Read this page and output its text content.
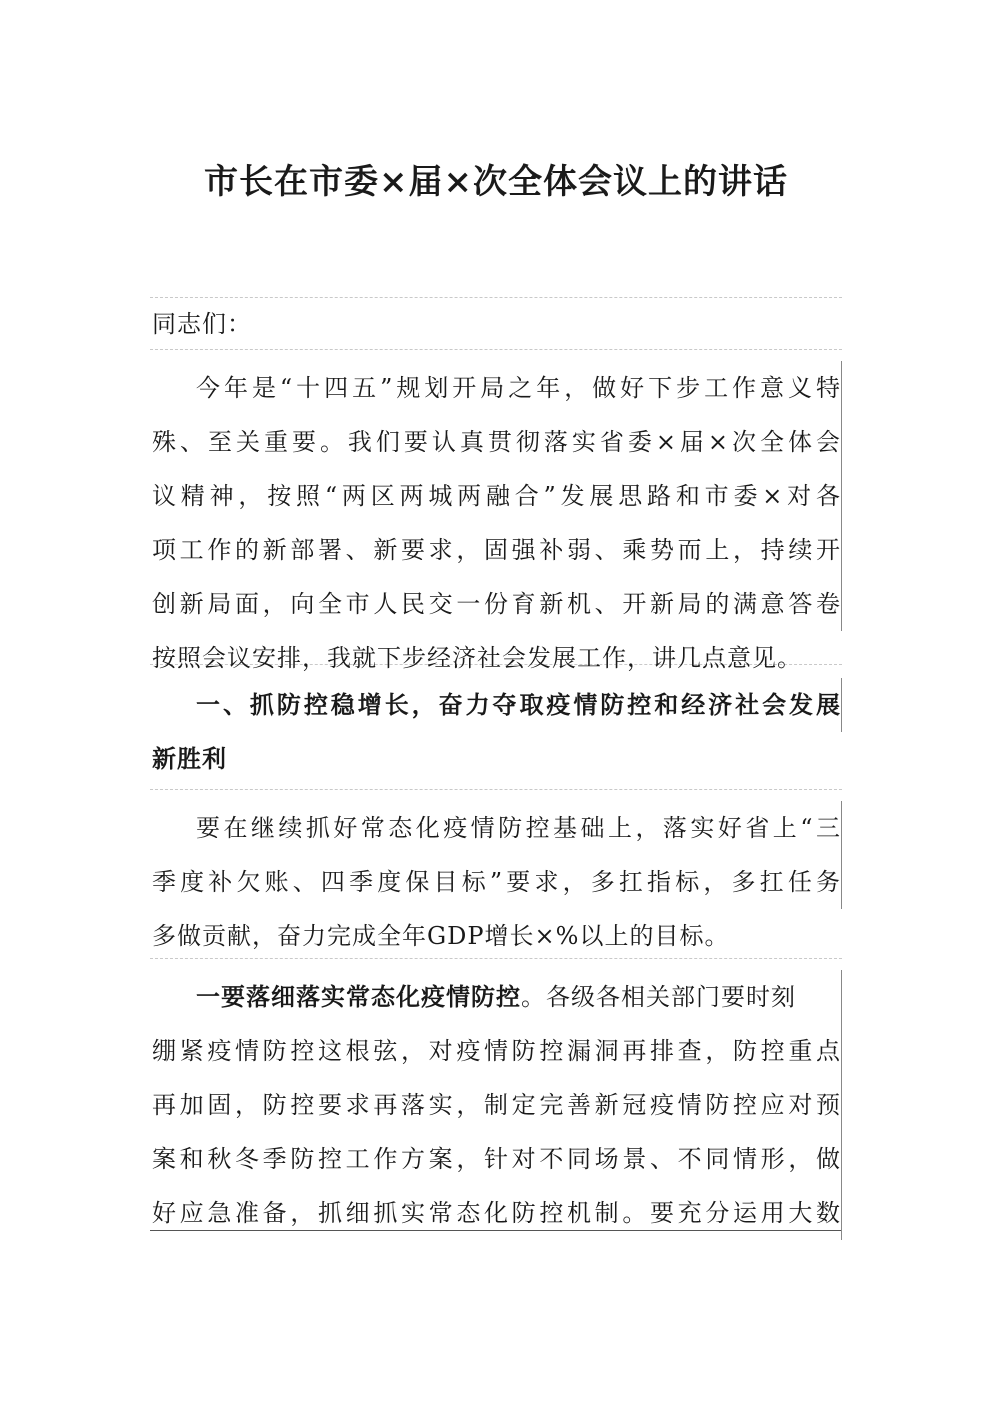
市长在市委×届×次全体会议上的讲话
同志们：
今年是“十四五”规划开局之年，做好下步工作意义特
殊、至关重要。我们要认真贯彻落实省委×届×次全体会
议精神，按照“两区两城两融合”发展思路和市委×对各
项工作的新部署、新要求，固强补弱、乘势而上，持续开
创新局面，向全市人民交一份育新机、开新局的满意答卷
按照会议安排，我就下步经济社会发展工作，讲几点意见。
一、抓防控稳增长，奋力夺取疫情防控和经济社会发展
新胜利
要在继续抓好常态化疫情防控基础上，落实好省上“三
季度补欠账、四季度保目标”要求，多扛指标，多扛任务
多做贡献，奋力完成全年GDP增长×%以上的目标。
一要落细落实常态化疫情防控。各级各相关部门要时刻
绷紧疫情防控这根弦，对疫情防控漏洞再排查，防控重点
再加固，防控要求再落实，制定完善新冠疫情防控应对预
案和秋冬季防控工作方案，针对不同场景、不同情形，做
好应急准备，抓细抓实常态化防控机制。要充分运用大数
